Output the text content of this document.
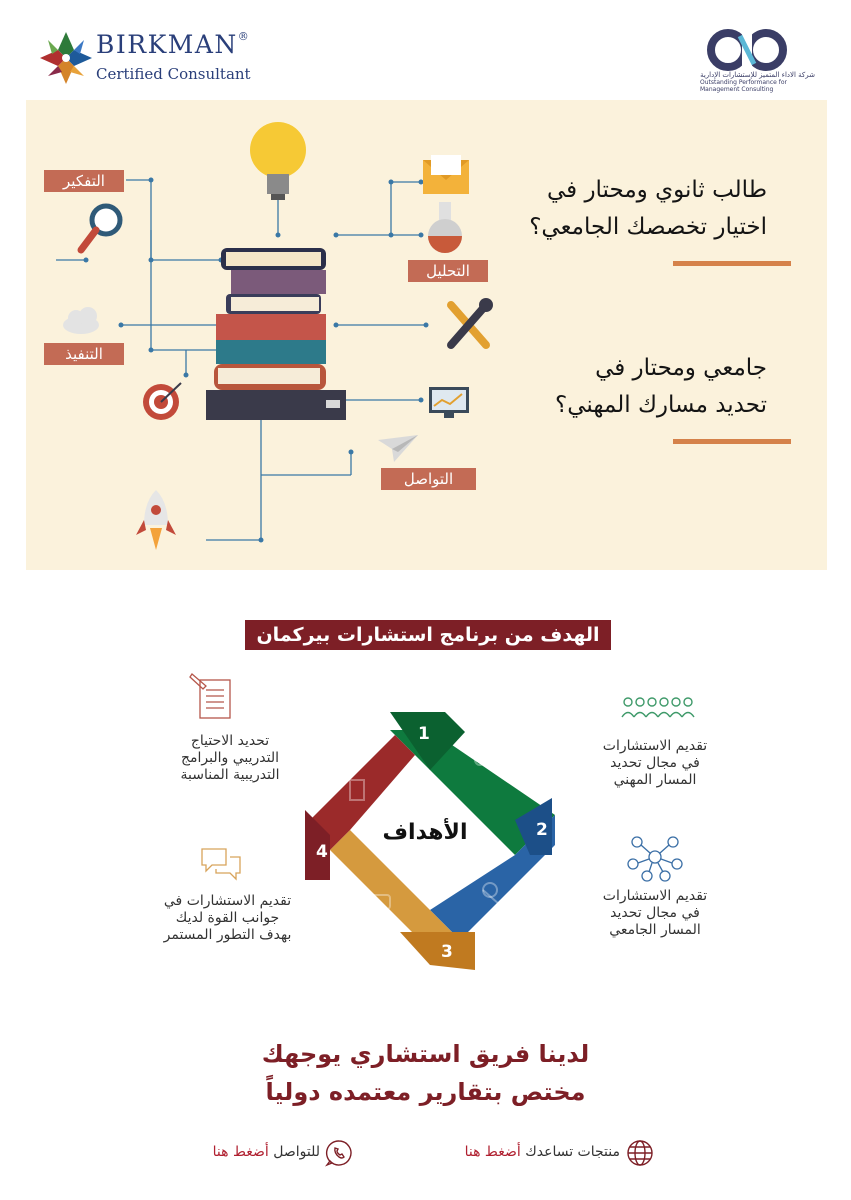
BIRKMAN®
Certified Consultant	شركة الاداء المتميز للإستشارات الإدارية
Outstanding Performance for Management Consulting
التفكير
التحليل
التنفيذ
التواصل
طالب ثانوي ومحتار في
اختيار تخصصك الجامعي؟
جامعي ومحتار في
تحديد مسارك المهني؟
الهدف من برنامج استشارات بيركمان
1
2
3
4
الأهداف
تقديم الاستشارات
في مجال تحديد
المسار المهني
تقديم الاستشارات
في مجال تحديد
المسار الجامعي
تحديد الاحتياج
التدريبي والبرامج
التدريبية المناسبة
تقديم الاستشارات في
جوانب القوة لديك
بهدف التطور المستمر
لدينا فريق استشاري يوجهك
مختص بتقارير معتمده دولياً
منتجات تساعدك أضغط هنا
للتواصل أضغط هنا
